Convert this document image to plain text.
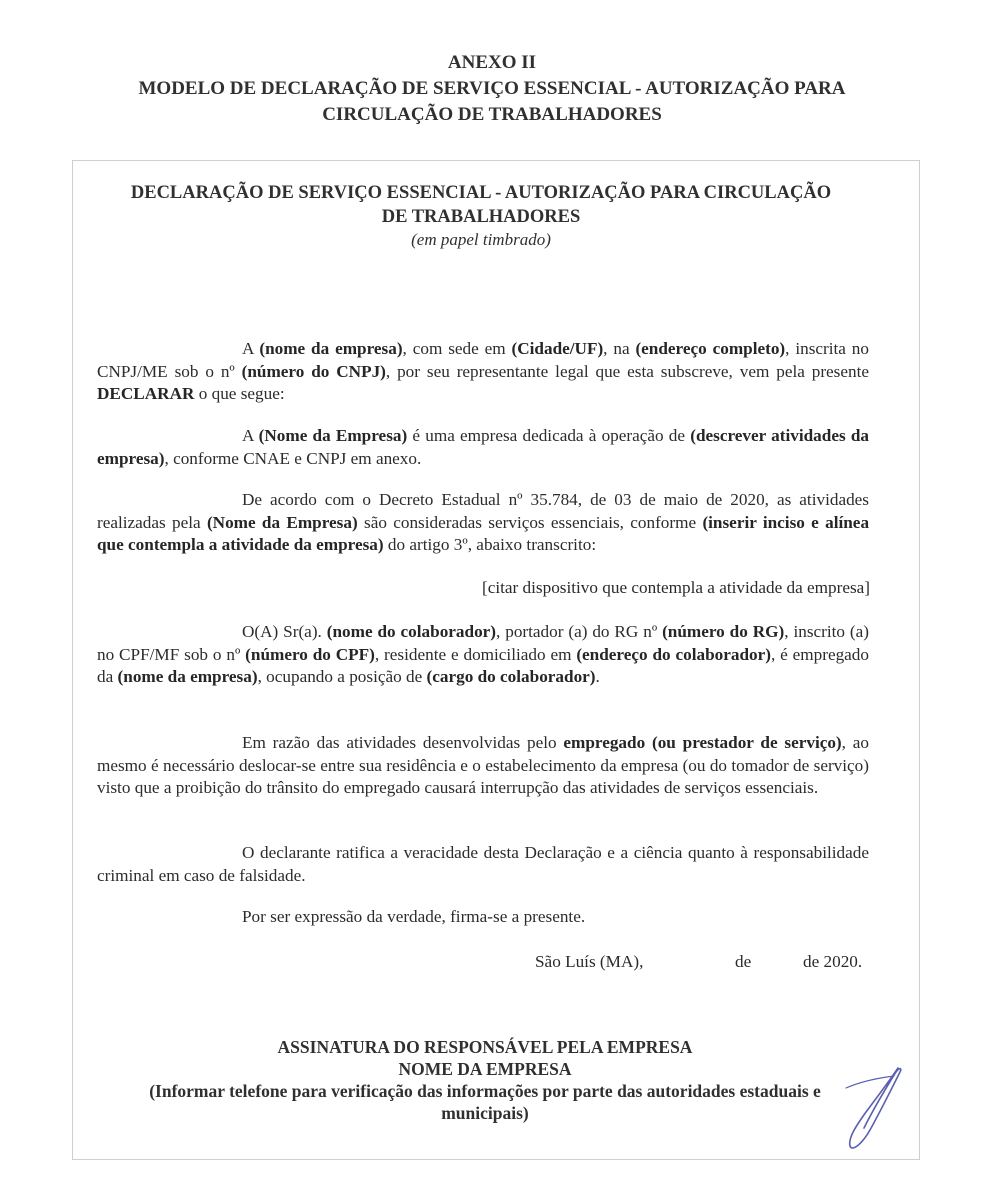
ANEXO II
MODELO DE DECLARAÇÃO DE SERVIÇO ESSENCIAL - AUTORIZAÇÃO PARA
CIRCULAÇÃO DE TRABALHADORES
DECLARAÇÃO DE SERVIÇO ESSENCIAL - AUTORIZAÇÃO PARA CIRCULAÇÃO
DE TRABALHADORES
(em papel timbrado)
A (nome da empresa), com sede em (Cidade/UF), na (endereço completo), inscrita no CNPJ/ME sob o nº (número do CNPJ), por seu representante legal que esta subscreve, vem pela presente DECLARAR o que segue:
A (Nome da Empresa) é uma empresa dedicada à operação de (descrever atividades da empresa), conforme CNAE e CNPJ em anexo.
De acordo com o Decreto Estadual nº 35.784, de 03 de maio de 2020, as atividades realizadas pela (Nome da Empresa) são consideradas serviços essenciais, conforme (inserir inciso e alínea que contempla a atividade da empresa) do artigo 3º, abaixo transcrito:
[citar dispositivo que contempla a atividade da empresa]
O(A) Sr(a). (nome do colaborador), portador (a) do RG nº (número do RG), inscrito (a) no CPF/MF sob o nº (número do CPF), residente e domiciliado em (endereço do colaborador), é empregado da (nome da empresa), ocupando a posição de (cargo do colaborador).
Em razão das atividades desenvolvidas pelo empregado (ou prestador de serviço), ao mesmo é necessário deslocar-se entre sua residência e o estabelecimento da empresa (ou do tomador de serviço) visto que a proibição do trânsito do empregado causará interrupção das atividades de serviços essenciais.
O declarante ratifica a veracidade desta Declaração e a ciência quanto à responsabilidade criminal em caso de falsidade.
Por ser expressão da verdade, firma-se a presente.
São Luís (MA),	de	de 2020.
ASSINATURA DO RESPONSÁVEL PELA EMPRESA
NOME DA EMPRESA
(Informar telefone para verificação das informações por parte das autoridades estaduais e
municipais)
